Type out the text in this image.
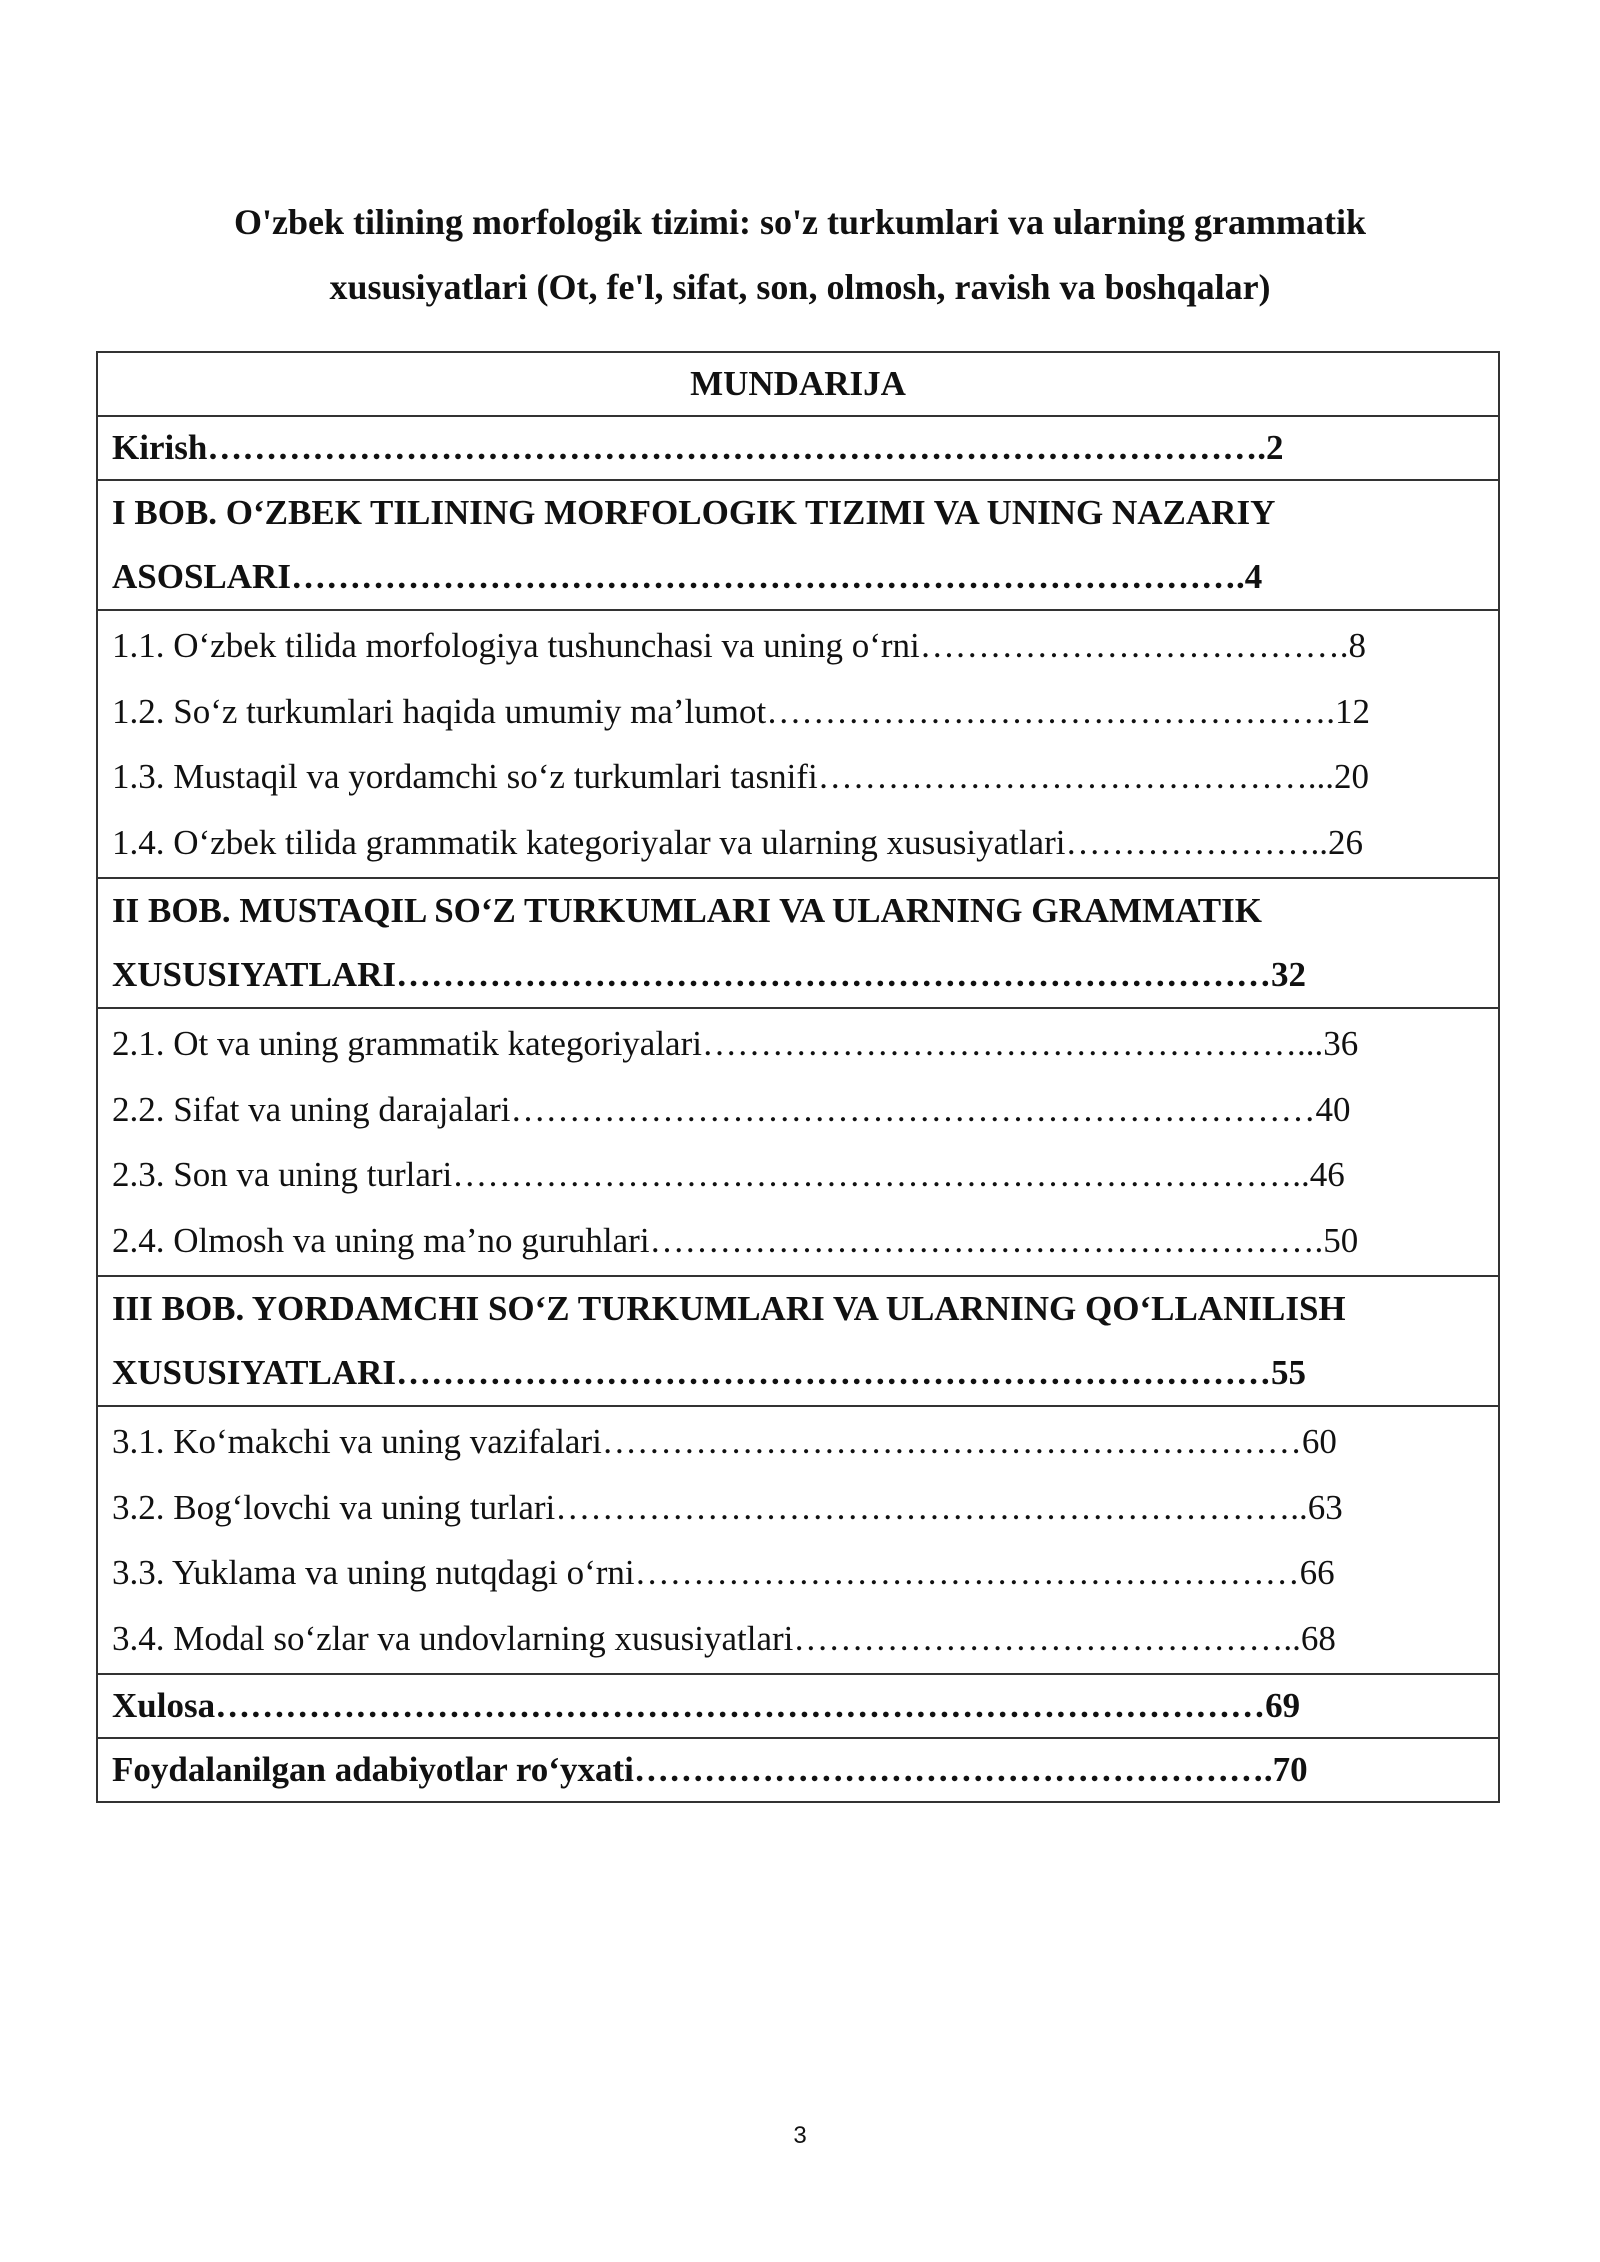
O'zbek tilining morfologik tizimi: so'z turkumlari va ularning grammatik
xususiyatlari (Ot, fe'l, sifat, son, olmosh, ravish va boshqalar)
MUNDARIJA

Kirish……………………………………………………………………………….2

I BOB. O‘ZBEK TILINING MORFOLOGIK TIZIMI VA UNING NAZARIY
ASOSLARI……………………………………………………………………….4

1.1. O‘zbek tilida morfologiya tushunchasi va uning o‘rni……………………………….8
1.2. So‘z turkumlari haqida umumiy ma’lumot………………………………………….12
1.3. Mustaqil va yordamchi so‘z turkumlari tasnifi……………………………………...20
1.4. O‘zbek tilida grammatik kategoriyalar va ularning xususiyatlari…………………..26

II BOB. MUSTAQIL SO‘Z TURKUMLARI VA ULARNING GRAMMATIK
XUSUSIYATLARI…………………………………………………………………32

2.1. Ot va uning grammatik kategoriyalari……………………………………………...36
2.2. Sifat va uning darajalari……………………………………………………………40
2.3. Son va uning turlari………………………………………………………………..46
2.4. Olmosh va uning ma’no guruhlari………………………………………………….50

III BOB. YORDAMCHI SO‘Z TURKUMLARI VA ULARNING QO‘LLANILISH
XUSUSIYATLARI…………………………………………………………………55

3.1. Ko‘makchi va uning vazifalari……………………………………………………60
3.2. Bog‘lovchi va uning turlari………………………………………………………..63
3.3. Yuklama va uning nutqdagi o‘rni…………………………………………………66
3.4. Modal so‘zlar va undovlarning xususiyatlari……………………………………..68

Xulosa………………………………………………………………………………69

Foydalanilgan adabiyotlar ro‘yxati……………………………………………….70
3
